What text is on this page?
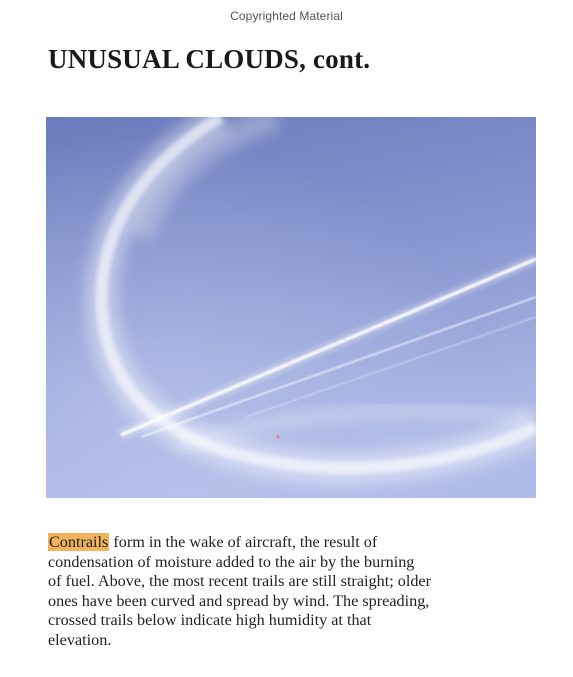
Copyrighted Material
UNUSUAL CLOUDS, cont.

Contrails form in the wake of aircraft, the result of
condensation of moisture added to the air by the burning
of fuel. Above, the most recent trails are still straight; older
ones have been curved and spread by wind. The spreading,
crossed trails below indicate high humidity at that
elevation.
